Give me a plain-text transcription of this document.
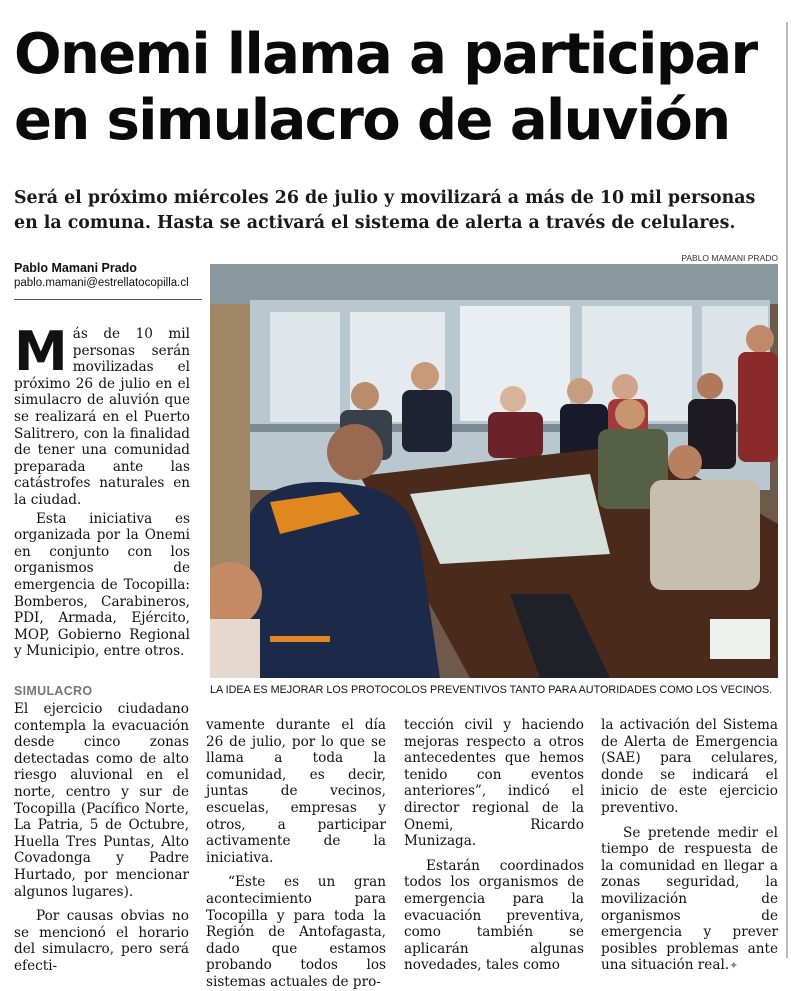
Onemi llama a participar
en simulacro de aluvión

Será el próximo miércoles 26 de julio y movilizará a más de 10 mil personas en la comuna. Hasta se activará el sistema de alerta a través de celulares.

Pablo Mamani Prado
pablo.mamani@estrellatocopilla.cl

Más de 10 mil personas serán movilizadas el próximo 26 de julio en el simulacro de aluvión que se realizará en el Puerto Salitrero, con la finalidad de tener una comunidad preparada ante las catástrofes naturales en la ciudad.

Esta iniciativa es organizada por la Onemi en conjunto con los organismos de emergencia de Tocopilla: Bomberos, Carabineros, PDI, Armada, Ejército, MOP, Gobierno Regional y Municipio, entre otros.

PABLO MAMANI PRADO
LA IDEA ES MEJORAR LOS PROTOCOLOS PREVENTIVOS TANTO PARA AUTORIDADES COMO LOS VECINOS.
SIMULACRO

El ejercicio ciudadano contempla la evacuación desde cinco zonas detectadas como de alto riesgo aluvional en el norte, centro y sur de Tocopilla (Pacífico Norte, La Patria, 5 de Octubre, Huella Tres Puntas, Alto Covadonga y Padre Hurtado, por mencionar algunos lugares).

Por causas obvias no se mencionó el horario del simulacro, pero será efecti-

vamente durante el día 26 de julio, por lo que se llama a toda la comunidad, es decir, juntas de vecinos, escuelas, empresas y otros, a participar activamente de la iniciativa.

“Este es un gran acontecimiento para Tocopilla y para toda la Región de Antofagasta, dado que estamos probando todos los sistemas actuales de pro-

tección civil y haciendo mejoras respecto a otros antecedentes que hemos tenido con eventos anteriores”, indicó el director regional de la Onemi, Ricardo Munizaga.

Estarán coordinados todos los organismos de emergencia para la evacuación preventiva, como también se aplicarán algunas novedades, tales como

la activación del Sistema de Alerta de Emergencia (SAE) para celulares, donde se indicará el inicio de este ejercicio preventivo.

Se pretende medir el tiempo de respuesta de la comunidad en llegar a zonas seguridad, la movilización de organismos de emergencia y prever posibles problemas ante una situación real.✦
